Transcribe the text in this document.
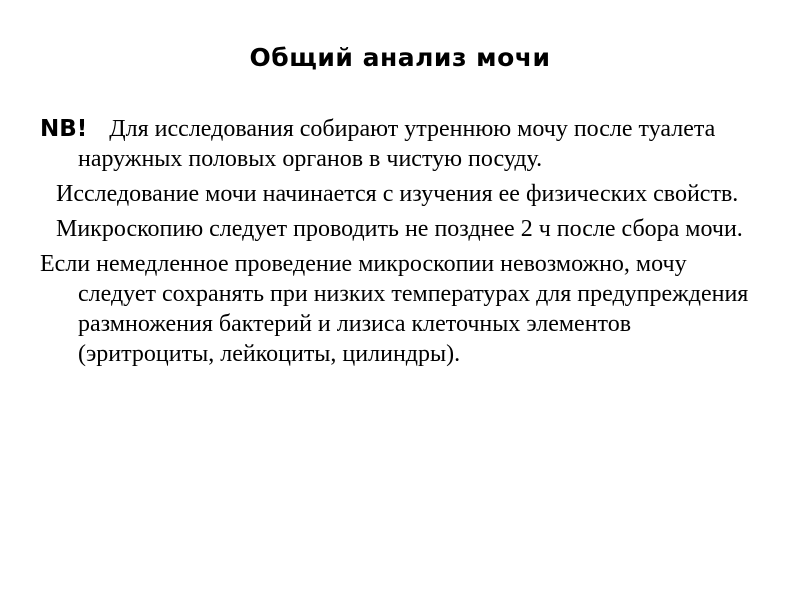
Общий анализ мочи

NB! Для исследования собирают утреннюю мочу после туалета наружных половых органов в чистую посуду.

Исследование мочи начинается с изучения ее физических свойств.

Микроскопию следует проводить не позднее 2 ч после сбора мочи.

Если немедленное проведение микроскопии невозможно, мочу следует сохранять при низких температурах для предупреждения размножения бактерий и лизиса клеточных элементов (эритроциты, лейкоциты, цилиндры).
